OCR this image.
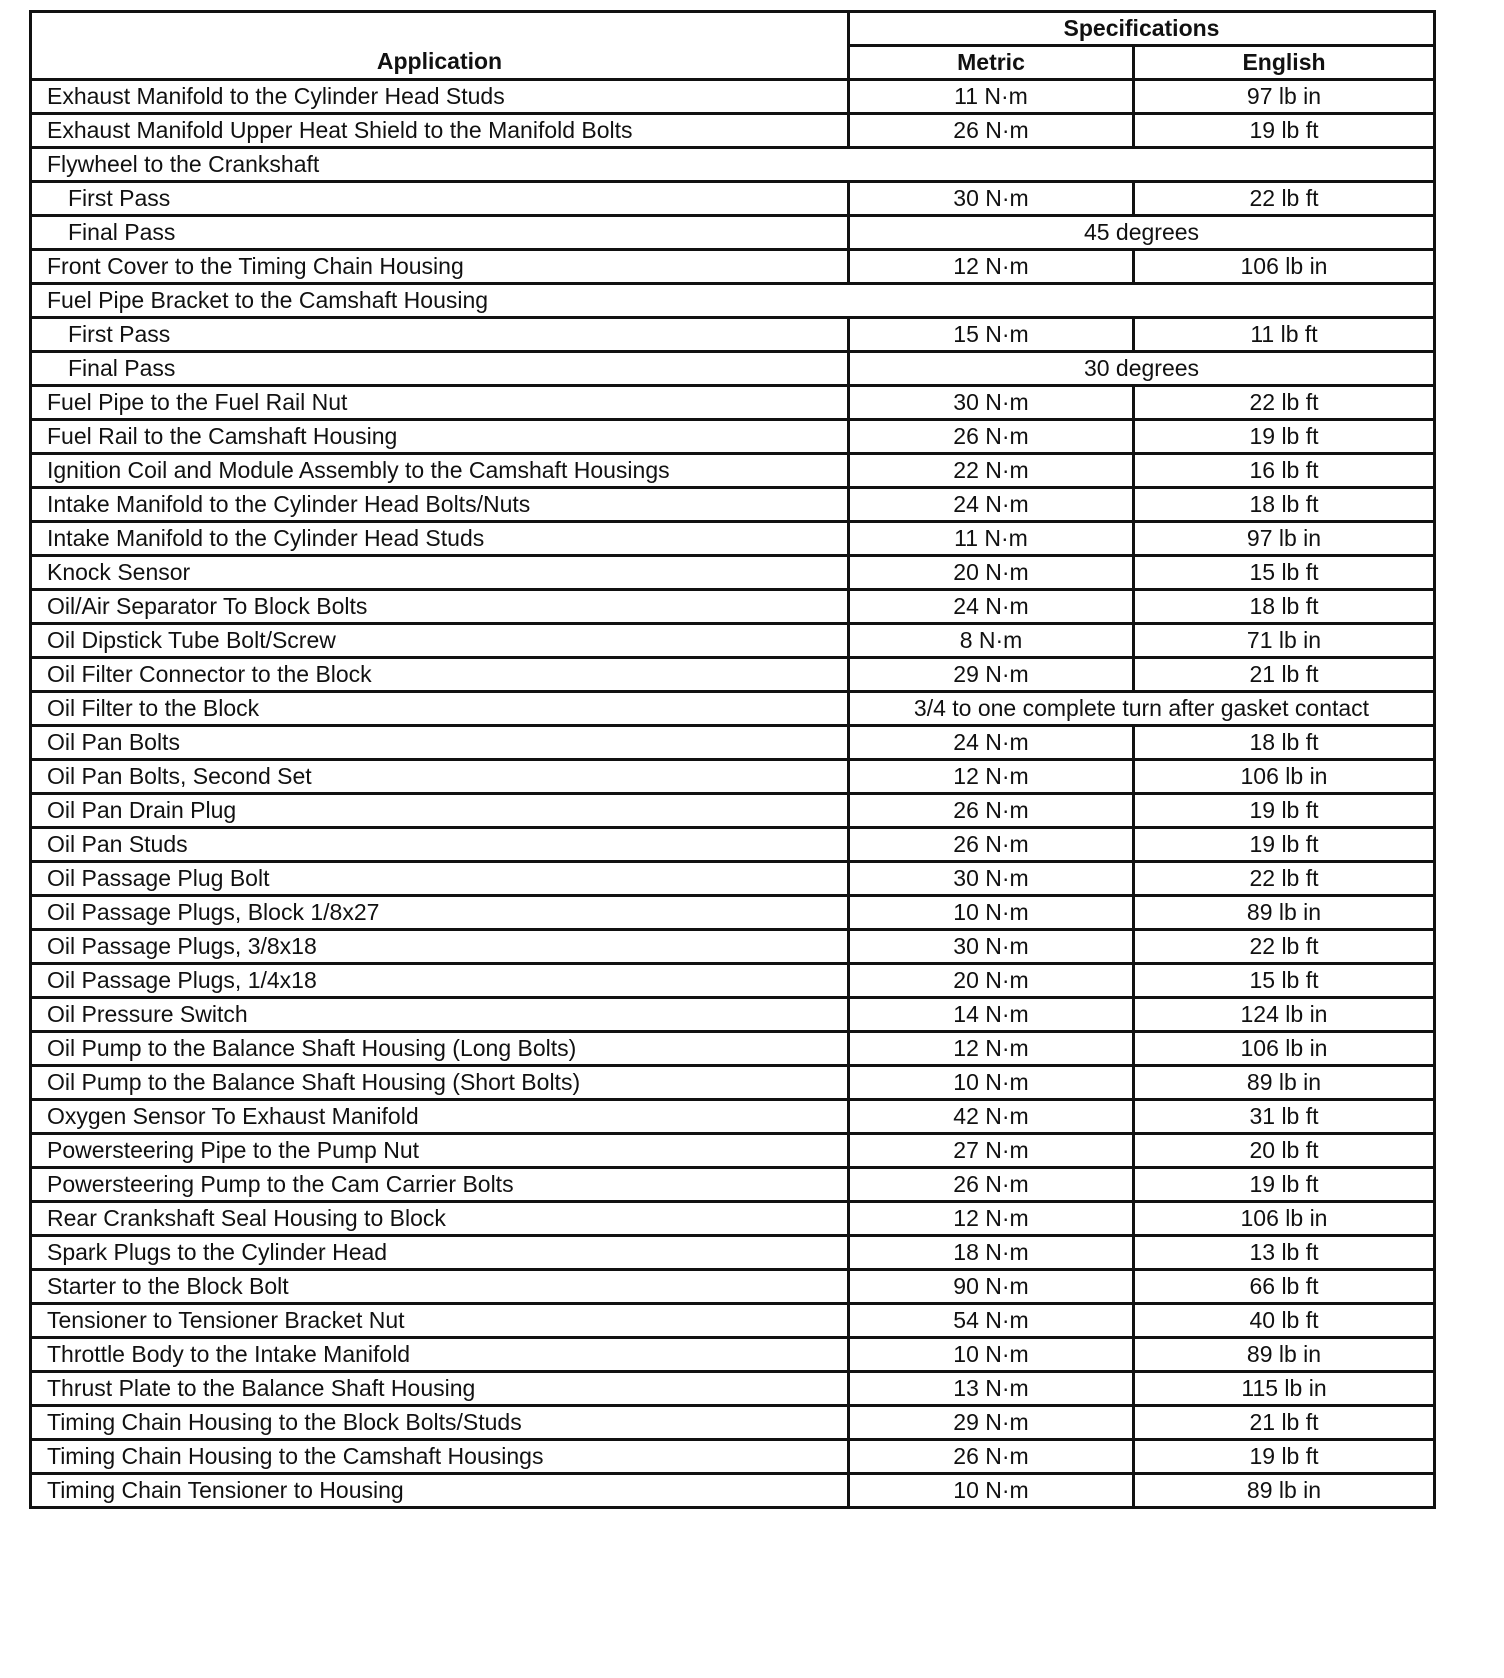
Application	Specifications	
	Metric	English
Exhaust Manifold to the Cylinder Head Studs	11 N·m	97 lb in
Exhaust Manifold Upper Heat Shield to the Manifold Bolts	26 N·m	19 lb ft
Flywheel to the Crankshaft		
First Pass	30 N·m	22 lb ft
Final Pass	45 degrees	
Front Cover to the Timing Chain Housing	12 N·m	106 lb in
Fuel Pipe Bracket to the Camshaft Housing		
First Pass	15 N·m	11 lb ft
Final Pass	30 degrees	
Fuel Pipe to the Fuel Rail Nut	30 N·m	22 lb ft
Fuel Rail to the Camshaft Housing	26 N·m	19 lb ft
Ignition Coil and Module Assembly to the Camshaft Housings	22 N·m	16 lb ft
Intake Manifold to the Cylinder Head Bolts/Nuts	24 N·m	18 lb ft
Intake Manifold to the Cylinder Head Studs	11 N·m	97 lb in
Knock Sensor	20 N·m	15 lb ft
Oil/Air Separator To Block Bolts	24 N·m	18 lb ft
Oil Dipstick Tube Bolt/Screw	8 N·m	71 lb in
Oil Filter Connector to the Block	29 N·m	21 lb ft
Oil Filter to the Block	3/4 to one complete turn after gasket contact	
Oil Pan Bolts	24 N·m	18 lb ft
Oil Pan Bolts, Second Set	12 N·m	106 lb in
Oil Pan Drain Plug	26 N·m	19 lb ft
Oil Pan Studs	26 N·m	19 lb ft
Oil Passage Plug Bolt	30 N·m	22 lb ft
Oil Passage Plugs, Block 1/8x27	10 N·m	89 lb in
Oil Passage Plugs, 3/8x18	30 N·m	22 lb ft
Oil Passage Plugs, 1/4x18	20 N·m	15 lb ft
Oil Pressure Switch	14 N·m	124 lb in
Oil Pump to the Balance Shaft Housing (Long Bolts)	12 N·m	106 lb in
Oil Pump to the Balance Shaft Housing (Short Bolts)	10 N·m	89 lb in
Oxygen Sensor To Exhaust Manifold	42 N·m	31 lb ft
Powersteering Pipe to the Pump Nut	27 N·m	20 lb ft
Powersteering Pump to the Cam Carrier Bolts	26 N·m	19 lb ft
Rear Crankshaft Seal Housing to Block	12 N·m	106 lb in
Spark Plugs to the Cylinder Head	18 N·m	13 lb ft
Starter to the Block Bolt	90 N·m	66 lb ft
Tensioner to Tensioner Bracket Nut	54 N·m	40 lb ft
Throttle Body to the Intake Manifold	10 N·m	89 lb in
Thrust Plate to the Balance Shaft Housing	13 N·m	115 lb in
Timing Chain Housing to the Block Bolts/Studs	29 N·m	21 lb ft
Timing Chain Housing to the Camshaft Housings	26 N·m	19 lb ft
Timing Chain Tensioner to Housing	10 N·m	89 lb in
